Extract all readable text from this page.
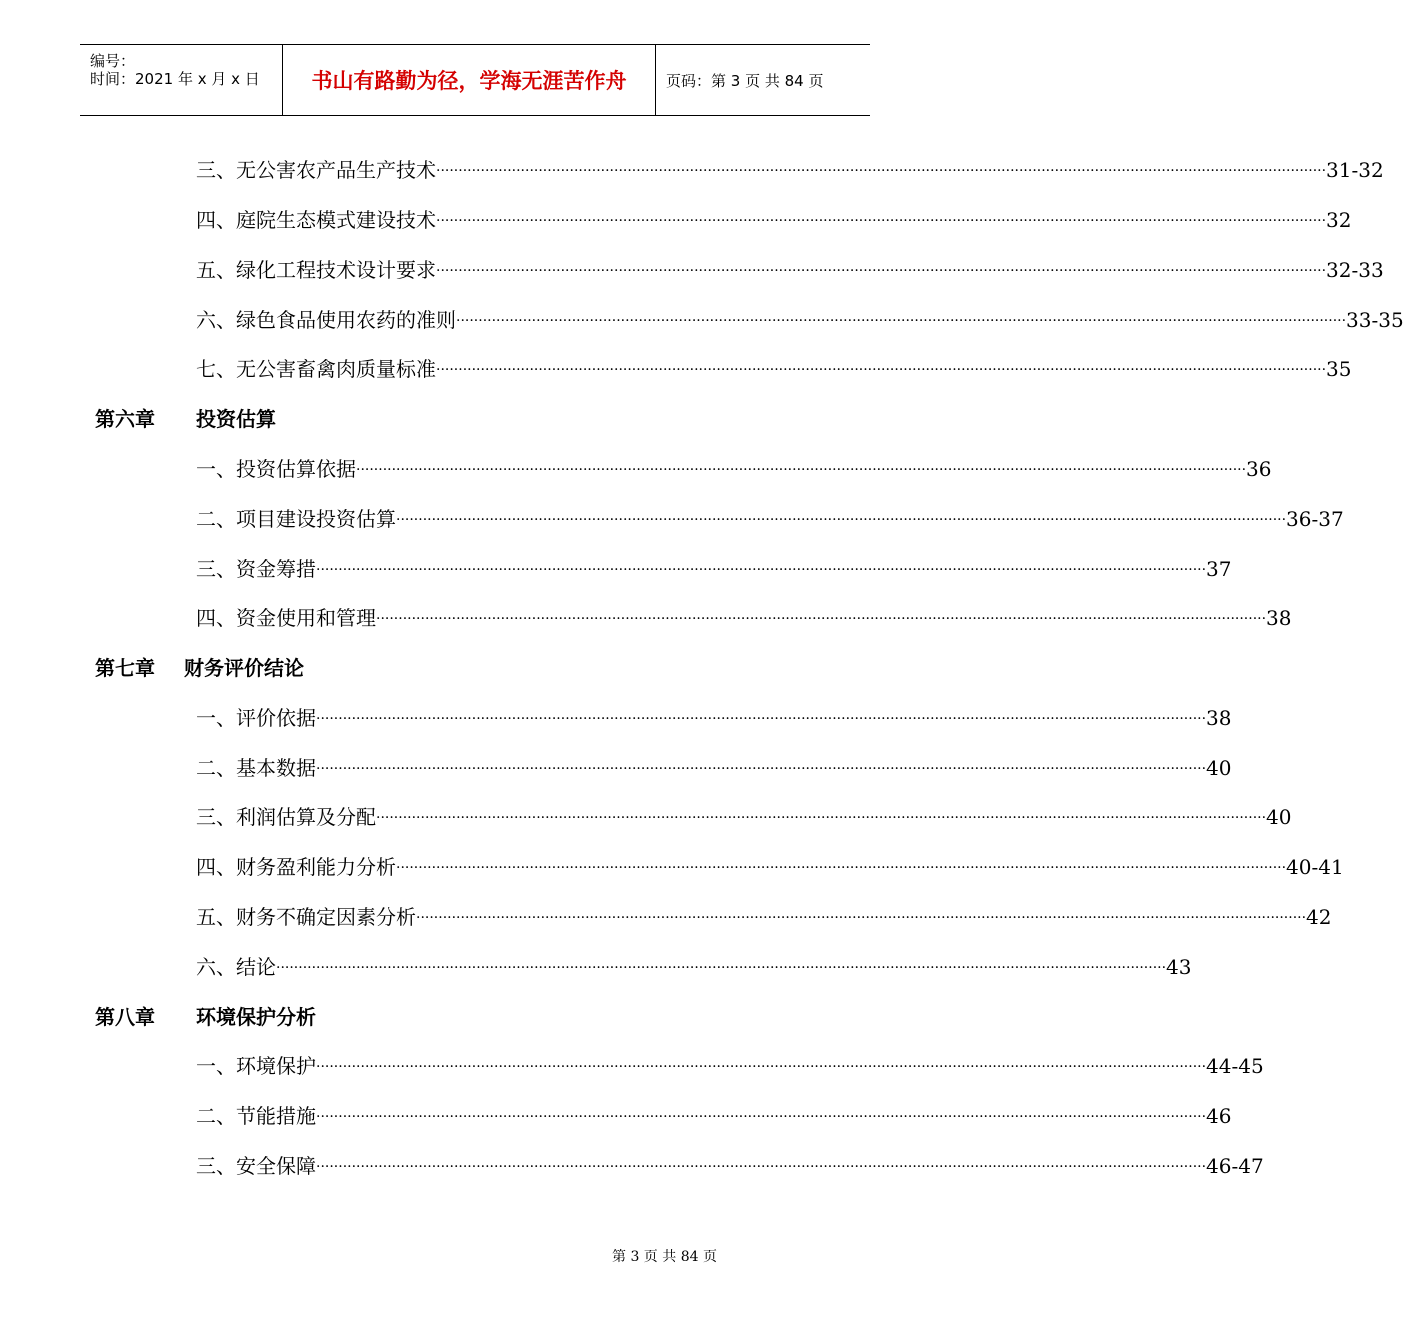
编号：
时间：2021 年 x 月 x 日	书山有路勤为径，学海无涯苦作舟	页码：第 3 页 共 84 页
三、无公害农产品生产技术 ········································································································································································································ 31-32
四、庭院生态模式建设技术 ········································································································································································································ 32
五、绿化工程技术设计要求 ········································································································································································································ 32-33
六、绿色食品使用农药的准则 ········································································································································································································ 33-35
七、无公害畜禽肉质量标准 ········································································································································································································ 35
第六章 投资估算
一、投资估算依据 ········································································································································································································ 36
二、项目建设投资估算 ········································································································································································································ 36-37
三、资金筹措 ········································································································································································································ 37
四、资金使用和管理 ········································································································································································································ 38
第七章 财务评价结论
一、评价依据 ········································································································································································································ 38
二、基本数据 ········································································································································································································ 40
三、利润估算及分配 ········································································································································································································ 40
四、财务盈利能力分析 ········································································································································································································ 40-41
五、财务不确定因素分析 ········································································································································································································ 42
六、结论 ········································································································································································································ 43
第八章 环境保护分析
一、环境保护 ········································································································································································································ 44-45
二、节能措施 ········································································································································································································ 46
三、安全保障 ········································································································································································································ 46-47
第 3 页 共 84 页
